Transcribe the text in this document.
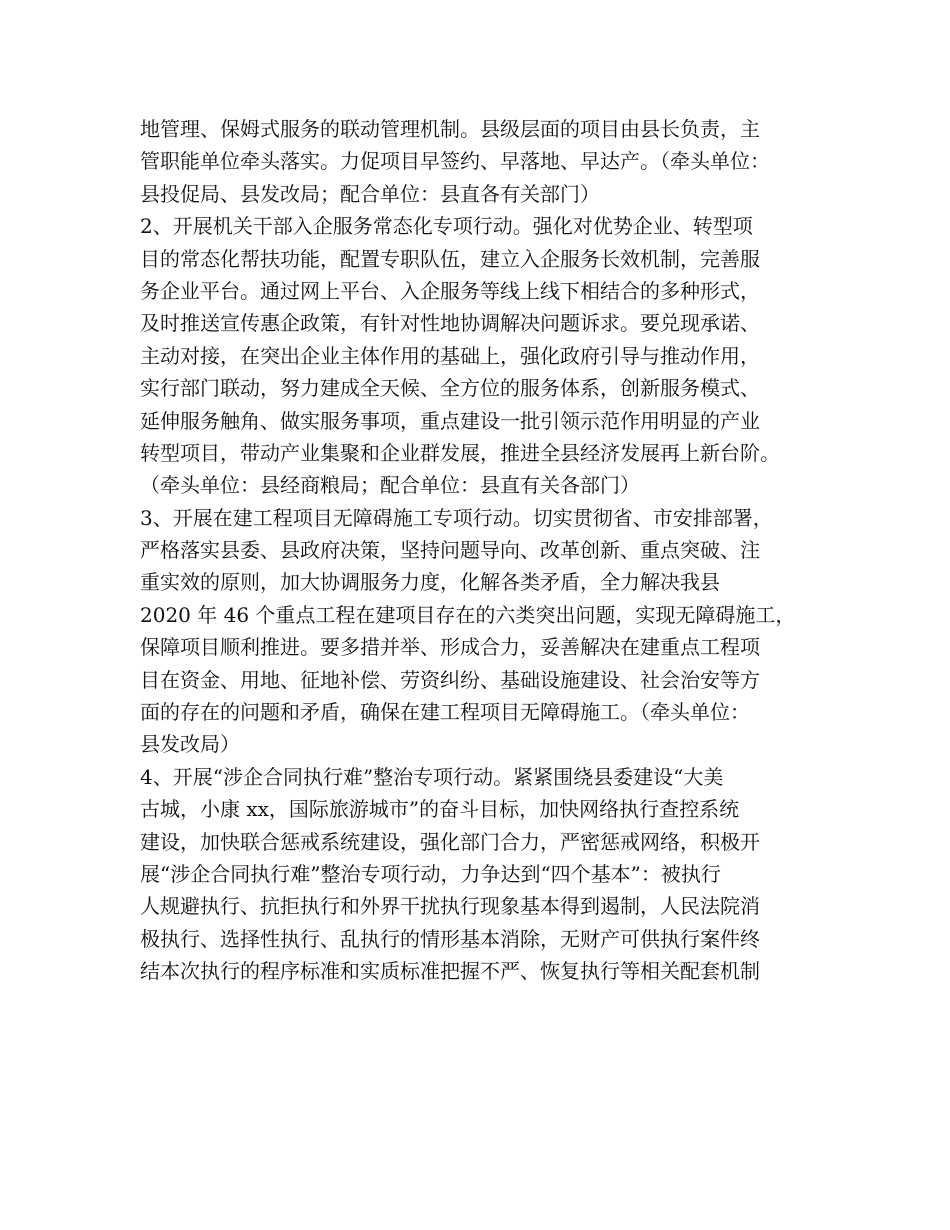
地管理、保姆式服务的联动管理机制。县级层面的项目由县长负责，主
管职能单位牵头落实。力促项目早签约、早落地、早达产。（牵头单位：
县投促局、县发改局；配合单位：县直各有关部门）
2、开展机关干部入企服务常态化专项行动。强化对优势企业、转型项
目的常态化帮扶功能，配置专职队伍，建立入企服务长效机制，完善服
务企业平台。通过网上平台、入企服务等线上线下相结合的多种形式，
及时推送宣传惠企政策，有针对性地协调解决问题诉求。要兑现承诺、
主动对接，在突出企业主体作用的基础上，强化政府引导与推动作用，
实行部门联动，努力建成全天候、全方位的服务体系，创新服务模式、
延伸服务触角、做实服务事项，重点建设一批引领示范作用明显的产业
转型项目，带动产业集聚和企业群发展，推进全县经济发展再上新台阶。
（牵头单位：县经商粮局；配合单位：县直有关各部门）
3、开展在建工程项目无障碍施工专项行动。切实贯彻省、市安排部署，
严格落实县委、县政府决策，坚持问题导向、改革创新、重点突破、注
重实效的原则，加大协调服务力度，化解各类矛盾，全力解决我县
2020 年 46 个重点工程在建项目存在的六类突出问题，实现无障碍施工，
保障项目顺利推进。要多措并举、形成合力，妥善解决在建重点工程项
目在资金、用地、征地补偿、劳资纠纷、基础设施建设、社会治安等方
面的存在的问题和矛盾，确保在建工程项目无障碍施工。（牵头单位：
县发改局）
4、开展“涉企合同执行难”整治专项行动。紧紧围绕县委建设“大美
古城，小康 xx，国际旅游城市”的奋斗目标，加快网络执行查控系统
建设，加快联合惩戒系统建设，强化部门合力，严密惩戒网络，积极开
展“涉企合同执行难”整治专项行动，力争达到“四个基本”：被执行
人规避执行、抗拒执行和外界干扰执行现象基本得到遏制，人民法院消
极执行、选择性执行、乱执行的情形基本消除，无财产可供执行案件终
结本次执行的程序标准和实质标准把握不严、恢复执行等相关配套机制
